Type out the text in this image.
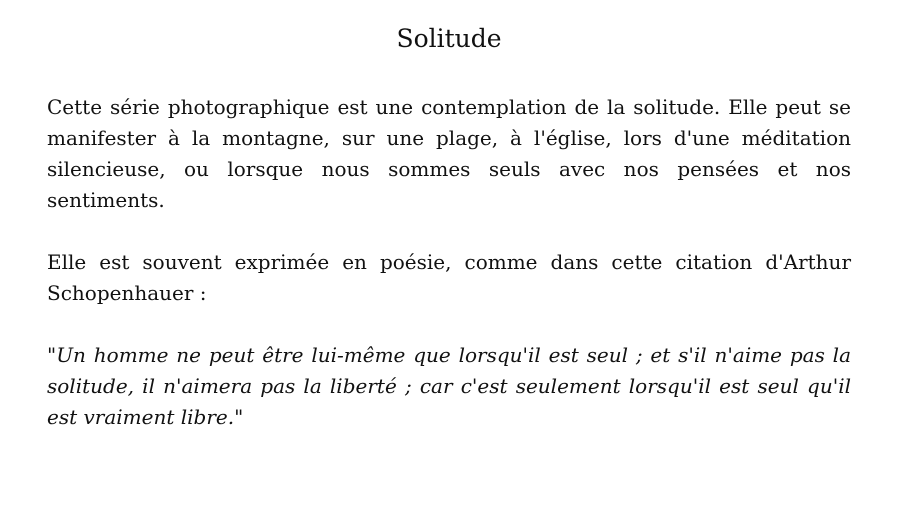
Solitude

Cette série photographique est une contemplation de la solitude. Elle peut se manifester à la montagne, sur une plage, à l'église, lors d'une méditation silencieuse, ou lorsque nous sommes seuls avec nos pensées et nos sentiments.

Elle est souvent exprimée en poésie, comme dans cette citation d'Arthur Schopenhauer :

"Un homme ne peut être lui-même que lorsqu'il est seul ; et s'il n'aime pas la solitude, il n'aimera pas la liberté ; car c'est seulement lorsqu'il est seul qu'il est vraiment libre."
